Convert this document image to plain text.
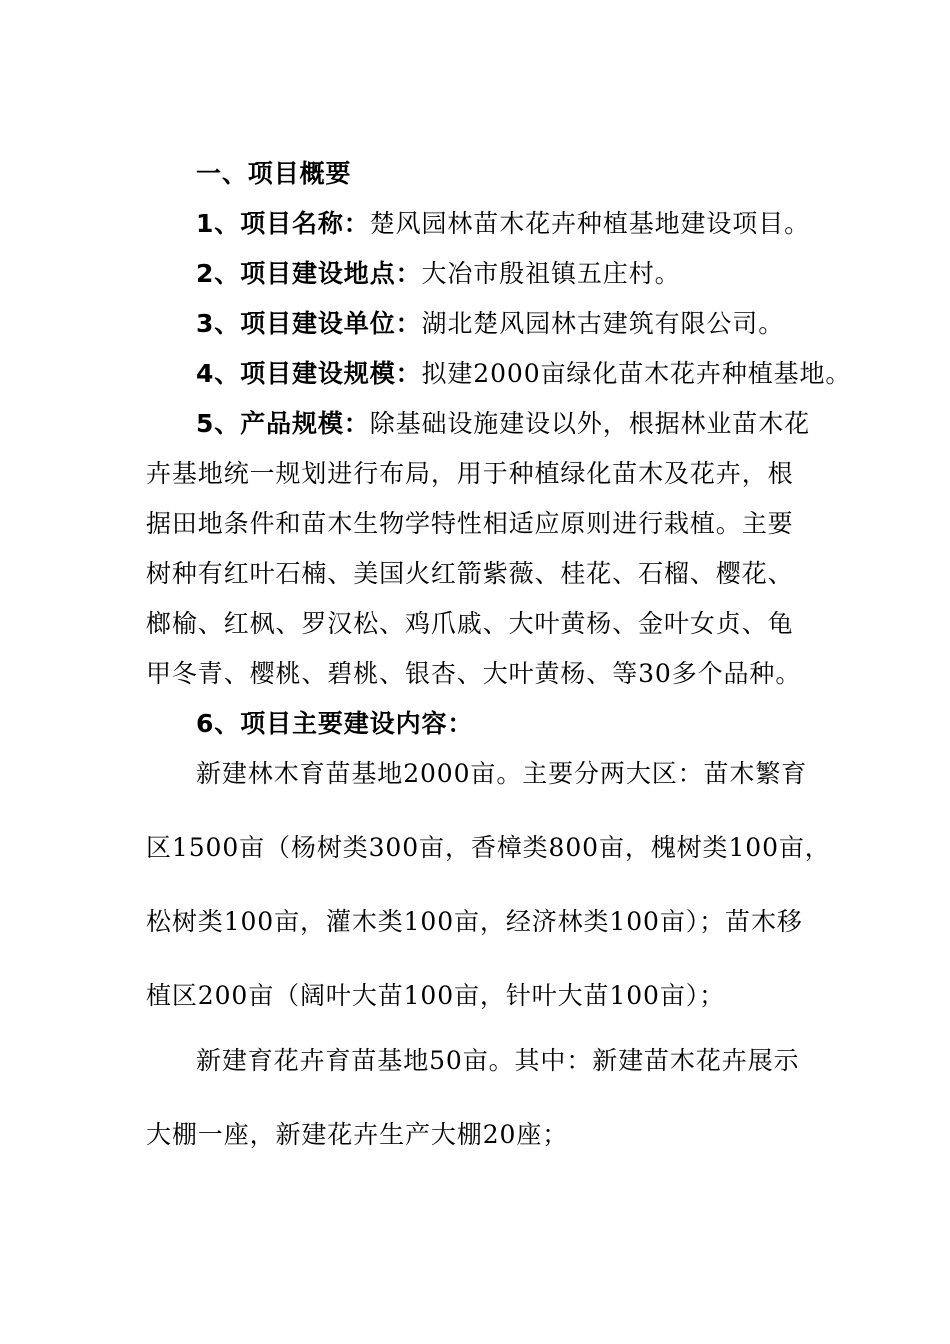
一、项目概要
1、项目名称：楚风园林苗木花卉种植基地建设项目。
2、项目建设地点：大冶市殷祖镇五庄村。
3、项目建设单位：湖北楚风园林古建筑有限公司。
4、项目建设规模：拟建2000亩绿化苗木花卉种植基地。
5、产品规模：除基础设施建设以外，根据林业苗木花
卉基地统一规划进行布局，用于种植绿化苗木及花卉，根
据田地条件和苗木生物学特性相适应原则进行栽植。主要
树种有红叶石楠、美国火红箭紫薇、桂花、石榴、樱花、
榔榆、红枫、罗汉松、鸡爪戚、大叶黄杨、金叶女贞、龟
甲冬青、樱桃、碧桃、银杏、大叶黄杨、等30多个品种。
6、项目主要建设内容：
新建林木育苗基地2000亩。主要分两大区：苗木繁育
区1500亩（杨树类300亩，香樟类800亩，槐树类100亩，
松树类100亩，灌木类100亩，经济林类100亩）；苗木移
植区200亩（阔叶大苗100亩，针叶大苗100亩）；
新建育花卉育苗基地50亩。其中：新建苗木花卉展示
大棚一座，新建花卉生产大棚20座；
